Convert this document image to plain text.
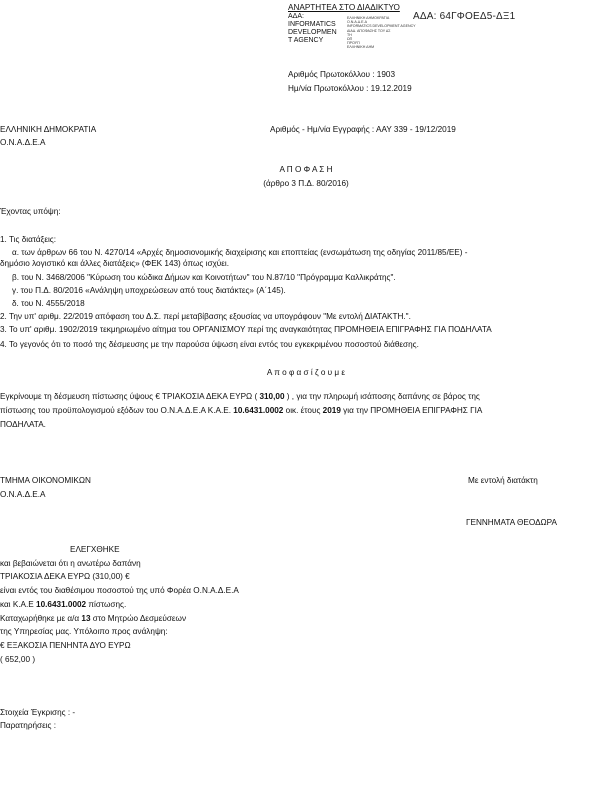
ΑΝΑΡΤΗΤΕΑ ΣΤΟ ΔΙΑΔΙΚΤΥΟ
ΑΔΑ: 64ΓΦΟΕΔ5-ΔΞ1
ΑΔΑ:
INFORMATICS
DEVELOPMEN
T AGENCY
ΕΛΛΗΝΙΚΗ ΔΗΜΟΚΡΑΤΙΑ
Ο.Ν.Α.Δ.Ε.Α
INFORMATICS DEVELOPMENT AGENCY
ΔΙΑΔ. ΑΠΟΦΑΣΗΣ ΤΟΥ ΔΣ
ΤΗ
ΩΠ
ΠΡΟΫΠ
ΕΛΛΗΝΙΚΗ ΔΗΜ
Αριθμός Πρωτοκόλλου : 1903
Ημ/νία Πρωτοκόλλου : 19.12.2019
ΕΛΛΗΝΙΚΗ ΔΗΜΟΚΡΑΤΙΑ
Ο.Ν.Α.Δ.Ε.Α
Αριθμός - Ημ/νία Εγγραφής : ΑΑΥ 339 - 19/12/2019
Α Π Ο Φ Α Σ Η
(άρθρο 3 Π.Δ. 80/2016)
Έχοντας υπόψη:
1. Τις διατάξεις:
α. των άρθρων 66 του Ν. 4270/14 «Αρχές δημοσιονομικής διαχείρισης και εποπτείας (ενσωμάτωση της οδηγίας 2011/85/ΕΕ) -
δημόσιο λογιστικό και άλλες διατάξεις» (ΦΕΚ 143) όπως ισχύει.
β. του Ν. 3468/2006 "Κύρωση του κώδικα Δήμων και Κοινοτήτων" του Ν.87/10 "Πρόγραμμα Καλλικράτης".
γ. του Π.Δ. 80/2016 «Ανάληψη υποχρεώσεων από τους διατάκτες» (Α΄145).
δ. του Ν. 4555/2018
2. Την υπ' αριθμ. 22/2019 απόφαση του Δ.Σ. περί μεταβίβασης εξουσίας να υπογράφουν "Με εντολή ΔΙΑΤΑΚΤΗ.".
3. Το υπ' αριθμ. 1902/2019 τεκμηριωμένο αίτημα του ΟΡΓΑΝΙΣΜΟΥ περί της αναγκαιότητας ΠΡΟΜΗΘΕΙΑ ΕΠΙΓΡΑΦΗΣ ΓΙΑ ΠΟΔΗΛΑΤΑ
4. Το γεγονός ότι το ποσό της δέσμευσης με την παρούσα ύψωση είναι εντός του εγκεκριμένου ποσοστού διάθεσης.
Α π ο φ α σ ί ζ ο υ μ ε
Εγκρίνουμε τη δέσμευση πίστωσης ύψους € ΤΡΙΑΚΟΣΙΑ ΔΕΚΑ ΕΥΡΩ ( 310,00 ) , για την πληρωμή ισάποσης δαπάνης σε βάρος της
πίστωσης του προϋπολογισμού εξόδων του Ο.Ν.Α.Δ.Ε.Α Κ.Α.Ε. 10.6431.0002 οικ. έτους 2019 για την ΠΡΟΜΗΘΕΙΑ ΕΠΙΓΡΑΦΗΣ ΓΙΑ
ΠΟΔΗΛΑΤΑ.
ΤΜΗΜΑ ΟΙΚΟΝΟΜΙΚΩΝ
Ο.Ν.Α.Δ.Ε.Α
Με εντολή διατάκτη
ΓΕΝΝΗΜΑΤΑ ΘΕΟΔΩΡΑ
ΕΛΕΓΧΘΗΚΕ
και βεβαιώνεται ότι η ανωτέρω δαπάνη
ΤΡΙΑΚΟΣΙΑ ΔΕΚΑ ΕΥΡΩ (310,00) €
είναι εντός του διαθέσιμου ποσοστού της υπό Φορέα Ο.Ν.Α.Δ.Ε.Α
και Κ.Α.Ε 10.6431.0002 πίστωσης.
Καταχωρήθηκε με α/α 13 στο Μητρώο Δεσμεύσεων
της Υπηρεσίας μας. Υπόλοιπο προς ανάληψη:
€ ΕΞΑΚΟΣΙΑ ΠΕΝΗΝΤΑ ΔΥΟ ΕΥΡΩ
( 652,00 )
Στοιχεία Έγκρισης : -
Παρατηρήσεις :
